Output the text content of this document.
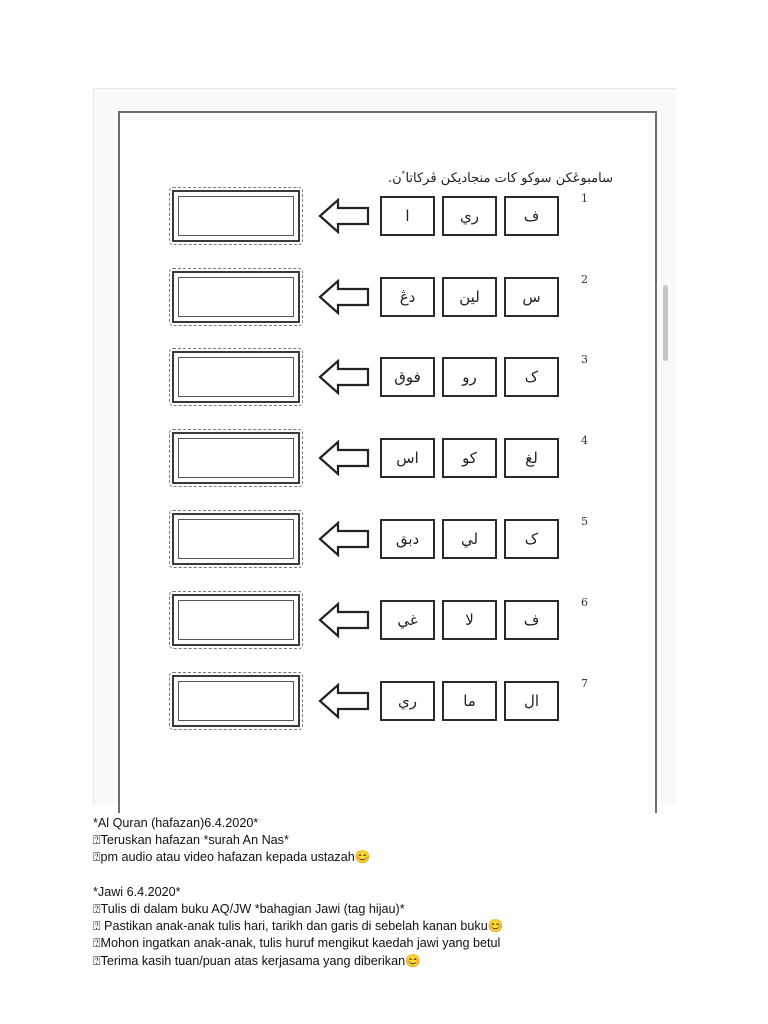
سامبوڠكن سوكو كات منجاديكن ڤركاتاٴن.
ا	ري	ف
1
دڠ	لين	س
2
فوق	رو	ک
3
اس	كو	لغ
4
دبق	لي	ک
5
غي	لا	ف
6
ري	ما	ال
7
*Al Quran (hafazan)6.4.2020*
⍰Teruskan hafazan *surah An Nas*
⍰pm audio atau video hafazan kepada ustazah😊
*Jawi 6.4.2020*
⍰Tulis di dalam buku AQ/JW *bahagian Jawi (tag hijau)*
⍰ Pastikan anak-anak tulis hari, tarikh dan garis di sebelah kanan buku😊
⍰Mohon ingatkan anak-anak, tulis huruf mengikut kaedah jawi yang betul
⍰Terima kasih tuan/puan atas kerjasama yang diberikan😊
